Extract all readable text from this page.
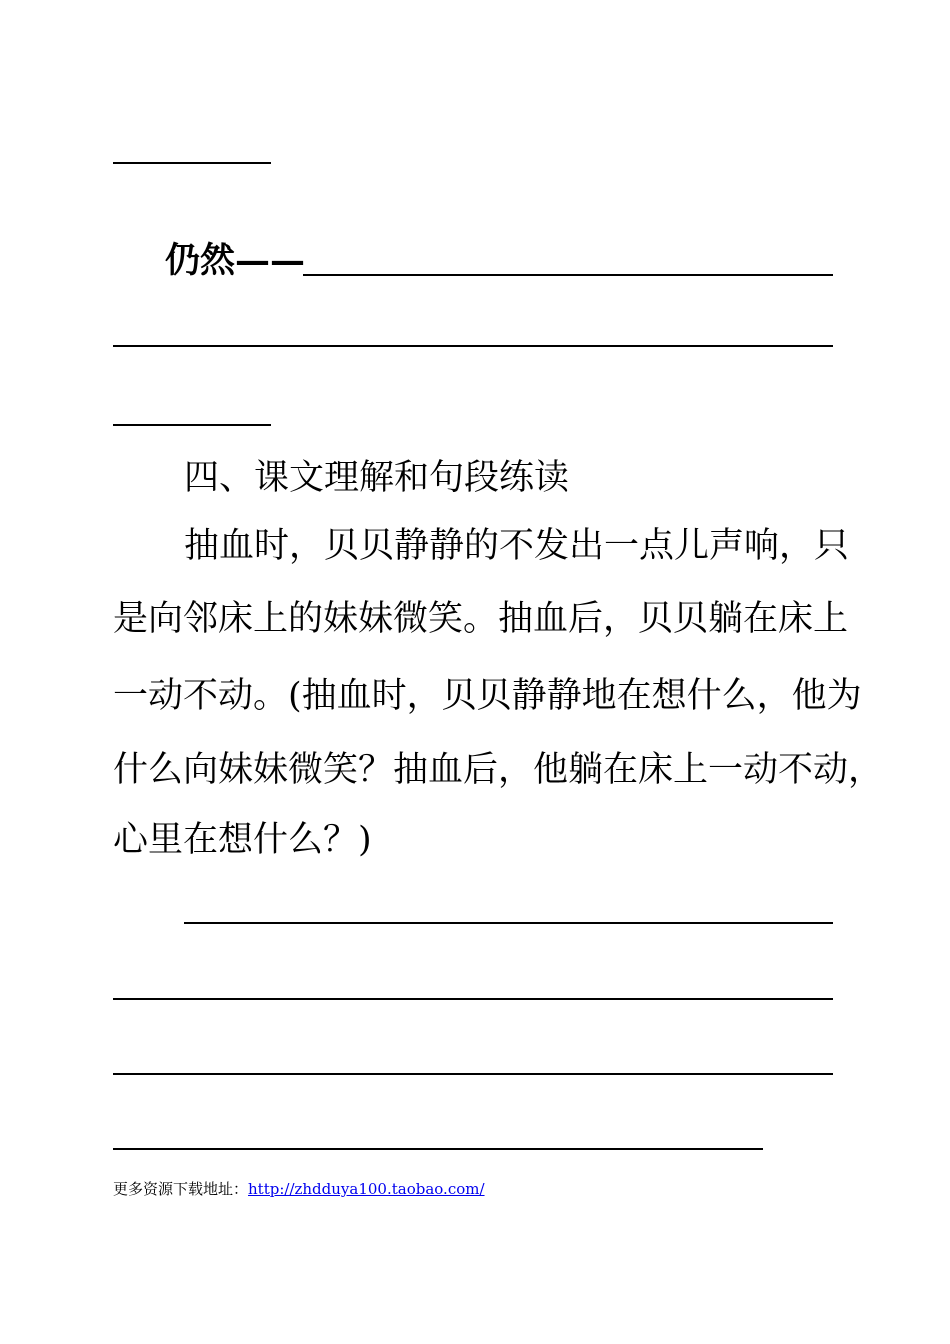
仍然——
四、课文理解和句段练读
抽血时，贝贝静静的不发出一点儿声响，只
是向邻床上的妹妹微笑。抽血后，贝贝躺在床上
一动不动。(抽血时，贝贝静静地在想什么，他为
什么向妹妹微笑？抽血后，他躺在床上一动不动，
心里在想什么？)
更多资源下载地址：http://zhdduya100.taobao.com/
